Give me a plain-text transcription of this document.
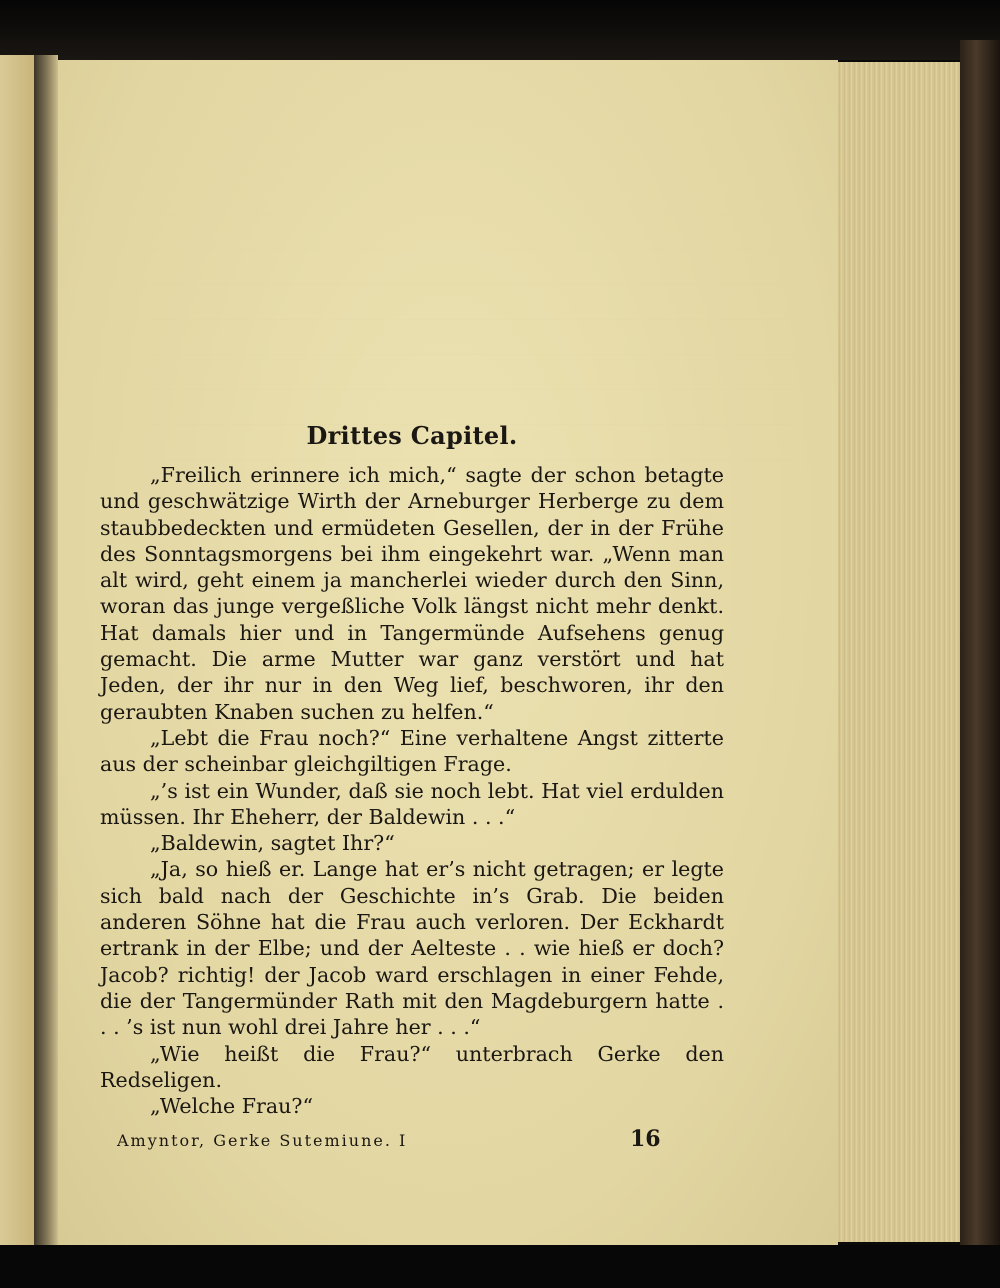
Drittes Capitel.

„Freilich erinnere ich mich,“ sagte der schon betagte und geschwätzige Wirth der Arneburger Herberge zu dem staubbedeckten und ermüdeten Gesellen, der in der Frühe des Sonntagsmorgens bei ihm eingekehrt war. „Wenn man alt wird, geht einem ja mancherlei wieder durch den Sinn, woran das junge vergeßliche Volk längst nicht mehr denkt. Hat damals hier und in Tangermünde Aufsehens genug gemacht. Die arme Mutter war ganz verstört und hat Jeden, der ihr nur in den Weg lief, beschworen, ihr den geraubten Knaben suchen zu helfen.“

„Lebt die Frau noch?“ Eine verhaltene Angst zitterte aus der scheinbar gleichgiltigen Frage.

„’s ist ein Wunder, daß sie noch lebt. Hat viel erdulden müssen. Ihr Eheherr, der Baldewin . . .“

„Baldewin, sagtet Ihr?“

„Ja, so hieß er. Lange hat er’s nicht getragen; er legte sich bald nach der Geschichte in’s Grab. Die beiden anderen Söhne hat die Frau auch verloren. Der Eckhardt ertrank in der Elbe; und der Aelteste . . wie hieß er doch? Jacob? richtig! der Jacob ward erschlagen in einer Fehde, die der Tangermünder Rath mit den Magdeburgern hatte . . . ’s ist nun wohl drei Jahre her . . .“

„Wie heißt die Frau?“ unterbrach Gerke den Redseligen.

„Welche Frau?“

Amyntor, Gerke Sutemiune. I	16
